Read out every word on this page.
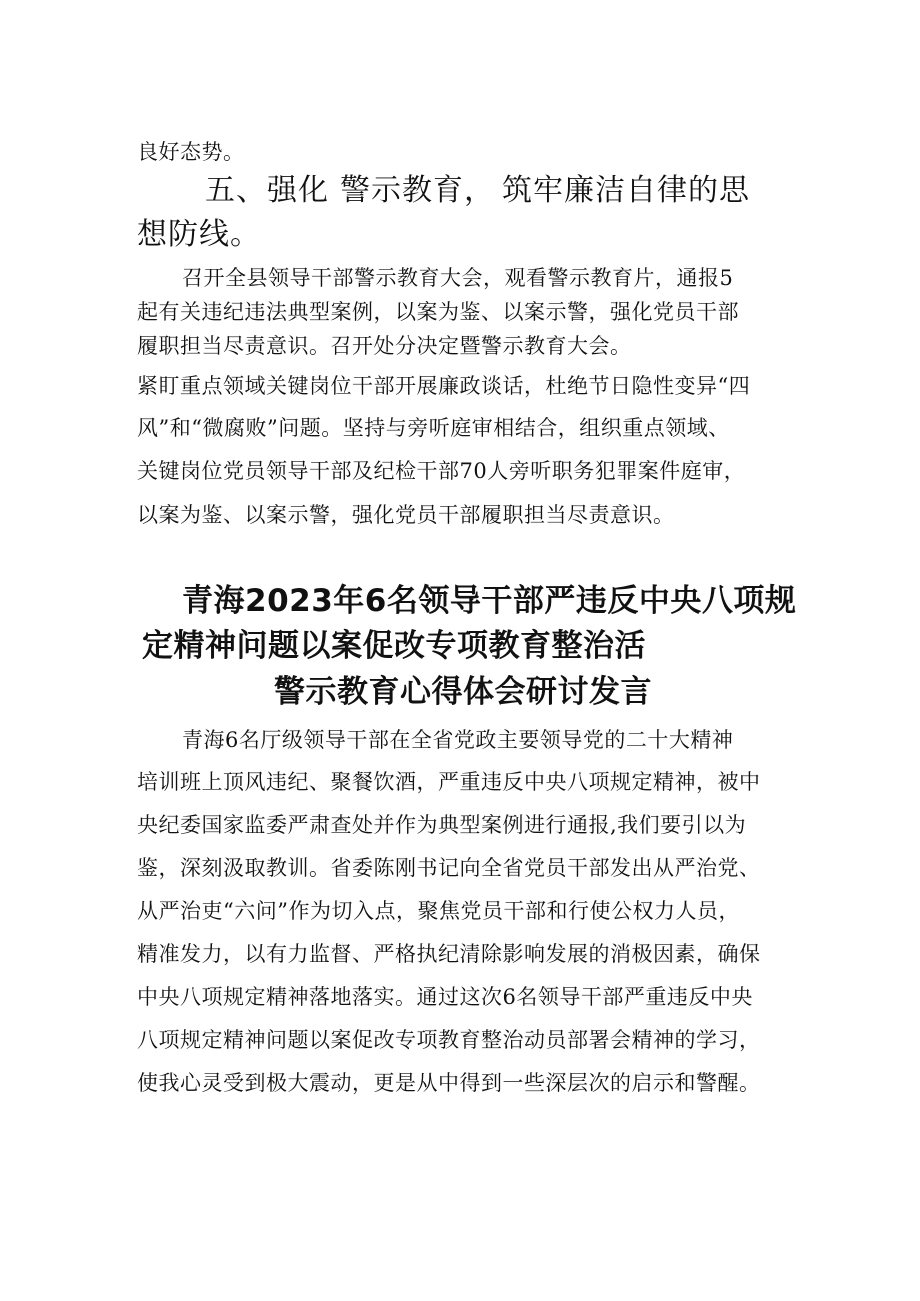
良好态势。
五、强化 警示教育， 筑牢廉洁自律的思
想防线。
召开全县领导干部警示教育大会，观看警示教育片，通报5
起有关违纪违法典型案例，以案为鉴、以案示警，强化党员干部
履职担当尽责意识。召开处分决定暨警示教育大会。
紧盯重点领域关键岗位干部开展廉政谈话，杜绝节日隐性变异“四
风”和“微腐败”问题。坚持与旁听庭审相结合，组织重点领域、
关键岗位党员领导干部及纪检干部70人旁听职务犯罪案件庭审，
以案为鉴、以案示警，强化党员干部履职担当尽责意识。
青海2023年6名领导干部严违反中央八项规
定精神问题以案促改专项教育整治活
警示教育心得体会研讨发言
青海6名厅级领导干部在全省党政主要领导党的二十大精神
培训班上顶风违纪、聚餐饮酒，严重违反中央八项规定精神，被中
央纪委国家监委严肃查处并作为典型案例进行通报,我们要引以为
鉴，深刻汲取教训。省委陈刚书记向全省党员干部发出从严治党、
从严治吏“六问”作为切入点，聚焦党员干部和行使公权力人员，
精准发力，以有力监督、严格执纪清除影响发展的消极因素，确保
中央八项规定精神落地落实。通过这次6名领导干部严重违反中央
八项规定精神问题以案促改专项教育整治动员部署会精神的学习，
使我心灵受到极大震动，更是从中得到一些深层次的启示和警醒。
